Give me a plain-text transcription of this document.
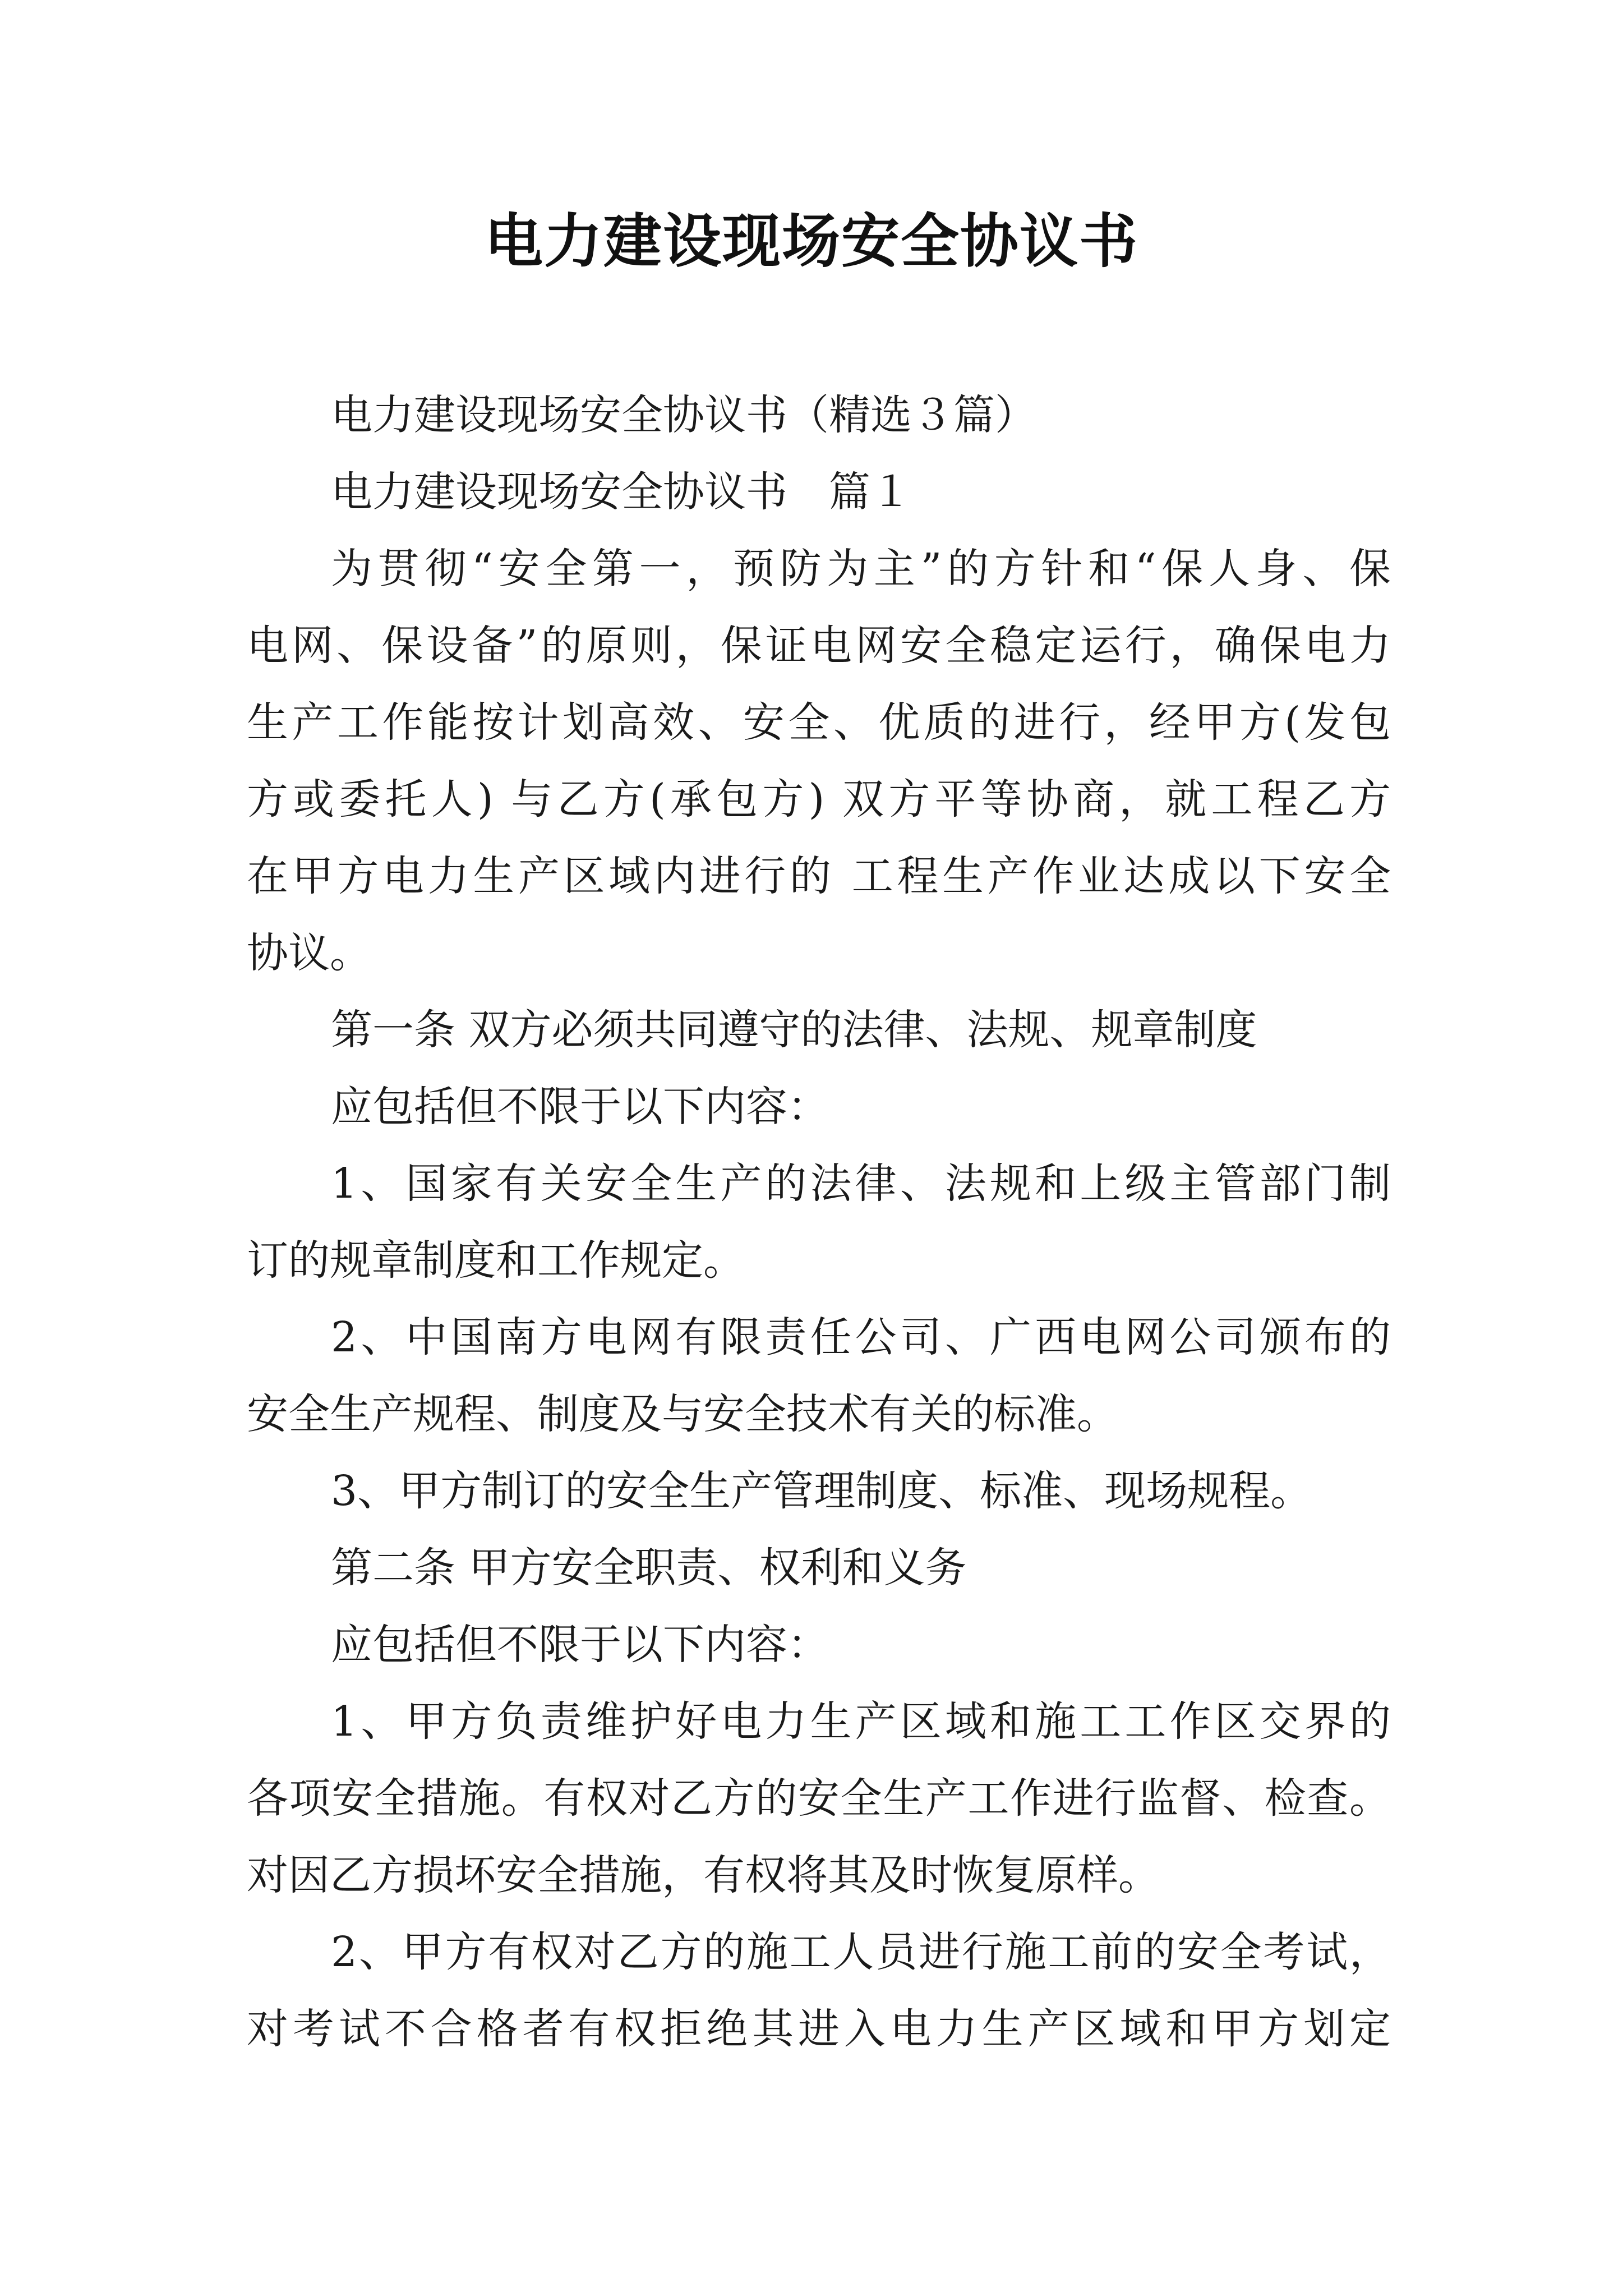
电力建设现场安全协议书
电力建设现场安全协议书（精选３篇）
电力建设现场安全协议书　篇１
为贯彻“安全第一，预防为主”的方针和“保人身、保
电网、保设备”的原则，保证电网安全稳定运行，确保电力
生产工作能按计划高效、安全、优质的进行，经甲方(发包
方或委托人) 与乙方(承包方) 双方平等协商，就工程乙方
在甲方电力生产区域内进行的 工程生产作业达成以下安全
协议。
第一条 双方必须共同遵守的法律、法规、规章制度
应包括但不限于以下内容：
1、国家有关安全生产的法律、法规和上级主管部门制
订的规章制度和工作规定。
2、中国南方电网有限责任公司、广西电网公司颁布的
安全生产规程、制度及与安全技术有关的标准。
3、甲方制订的安全生产管理制度、标准、现场规程。
第二条 甲方安全职责、权利和义务
应包括但不限于以下内容：
1、甲方负责维护好电力生产区域和施工工作区交界的
各项安全措施。有权对乙方的安全生产工作进行监督、检查。
对因乙方损坏安全措施，有权将其及时恢复原样。
2、甲方有权对乙方的施工人员进行施工前的安全考试，
对考试不合格者有权拒绝其进入电力生产区域和甲方划定
